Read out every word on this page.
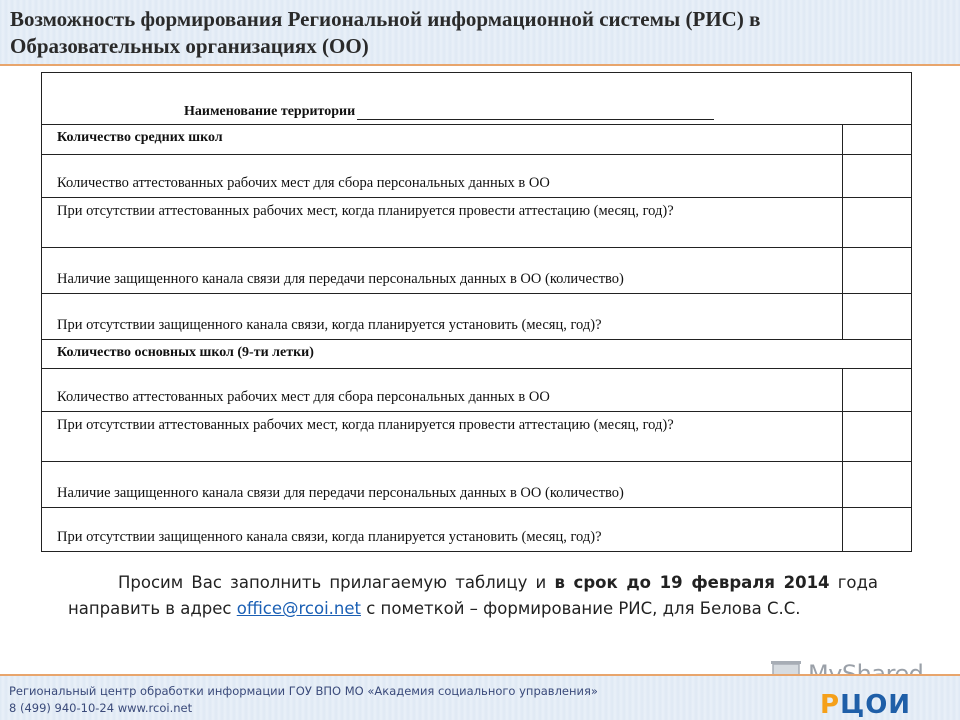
Возможность формирования Региональной информационной системы (РИС) в Образовательных организациях (ОО)
Наименование территории
Количество средних школ
Количество аттестованных рабочих мест для сбора персональных данных в ОО
При отсутствии аттестованных рабочих мест, когда планируется провести аттестацию (месяц, год)?
Наличие защищенного канала связи для передачи персональных данных в ОО (количество)
При отсутствии защищенного канала связи, когда планируется установить (месяц, год)?
Количество основных школ (9-ти летки)
Количество аттестованных рабочих мест для сбора персональных данных в ОО
При отсутствии аттестованных рабочих мест, когда планируется провести аттестацию (месяц, год)?
Наличие защищенного канала связи для передачи персональных данных в ОО (количество)
При отсутствии защищенного канала связи, когда планируется установить (месяц, год)?
Просим Вас заполнить прилагаемую таблицу и в срок до 19 февраля 2014 года направить в адрес office@rcoi.net с пометкой – формирование РИС, для Белова С.С.
Региональный центр обработки информации ГОУ ВПО МО «Академия социального управления»
8 (499) 940-10-24 www.rcoi.net	РЦОИ
